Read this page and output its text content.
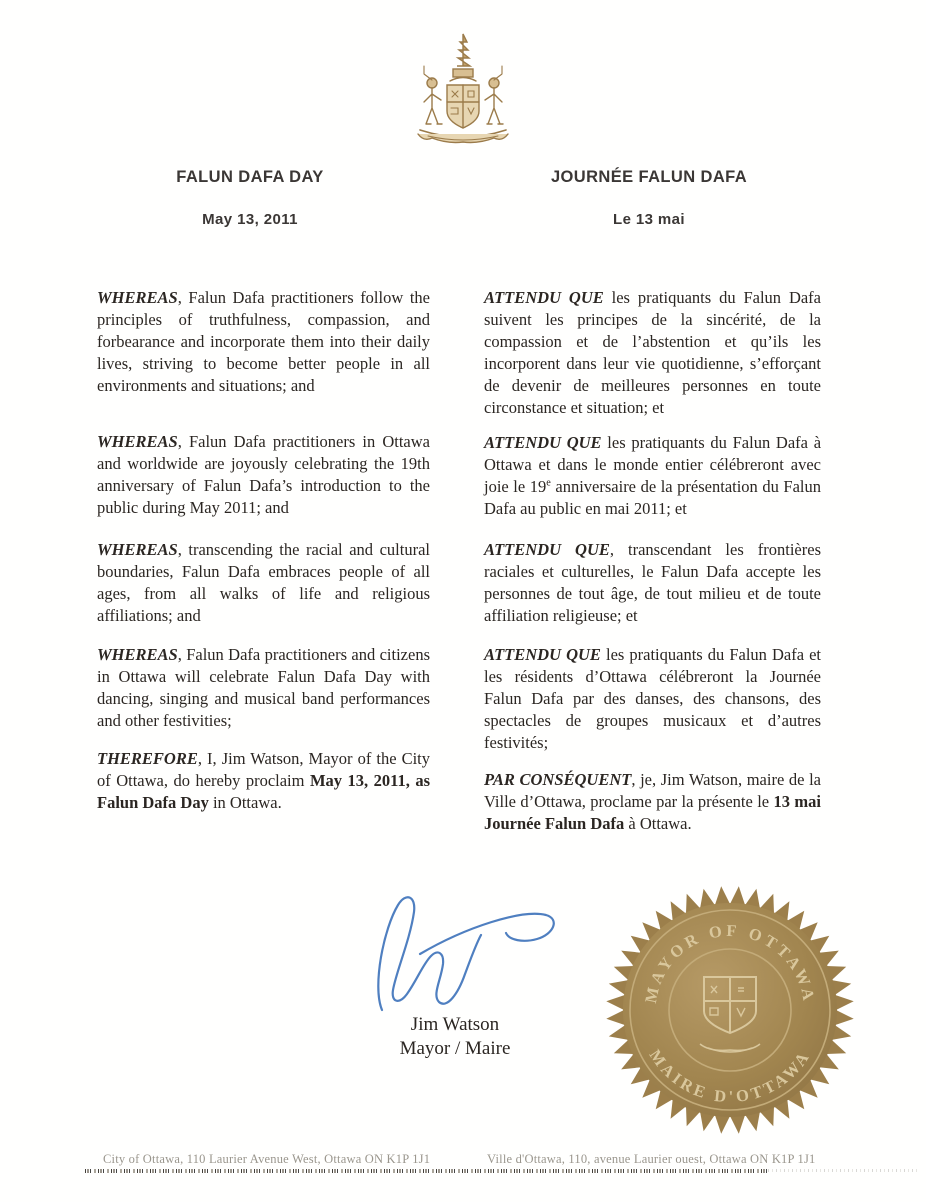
FALUN DAFA DAY
May 13, 2011
JOURNÉE FALUN DAFA
Le 13 mai

WHEREAS, Falun Dafa practitioners follow the principles of truthfulness, compassion, and forbearance and incorporate them into their daily lives, striving to become better people in all environments and situations; and

WHEREAS, Falun Dafa practitioners in Ottawa and worldwide are joyously celebrating the 19th anniversary of Falun Dafa’s introduction to the public during May 2011; and

WHEREAS, transcending the racial and cultural boundaries, Falun Dafa embraces people of all ages, from all walks of life and religious affiliations; and

WHEREAS, Falun Dafa practitioners and citizens in Ottawa will celebrate Falun Dafa Day with dancing, singing and musical band performances and other festivities;

THEREFORE, I, Jim Watson, Mayor of the City of Ottawa, do hereby proclaim May 13, 2011, as Falun Dafa Day in Ottawa.

ATTENDU QUE les pratiquants du Falun Dafa suivent les principes de la sincérité, de la compassion et de l’abstention et qu’ils les incorporent dans leur vie quotidienne, s’efforçant de devenir de meilleures personnes en toute circonstance et situation; et

ATTENDU QUE les pratiquants du Falun Dafa à Ottawa et dans le monde entier célébreront avec joie le 19e anniversaire de la présentation du Falun Dafa au public en mai 2011; et

ATTENDU QUE, transcendant les frontières raciales et culturelles, le Falun Dafa accepte les personnes de tout âge, de tout milieu et de toute affiliation religieuse; et

ATTENDU QUE les pratiquants du Falun Dafa et les résidents d’Ottawa célébreront la Journée Falun Dafa par des danses, des chansons, des spectacles de groupes musicaux et d’autres festivités;

PAR CONSÉQUENT, je, Jim Watson, maire de la Ville d’Ottawa, proclame par la présente le 13 mai Journée Falun Dafa à Ottawa.

Jim Watson
Mayor / Maire
MAYOR OF OTTAWA
MAIRE D'OTTAWA
City of Ottawa, 110 Laurier Avenue West, Ottawa ON K1P 1J1	Ville d'Ottawa, 110, avenue Laurier ouest, Ottawa ON K1P 1J1
